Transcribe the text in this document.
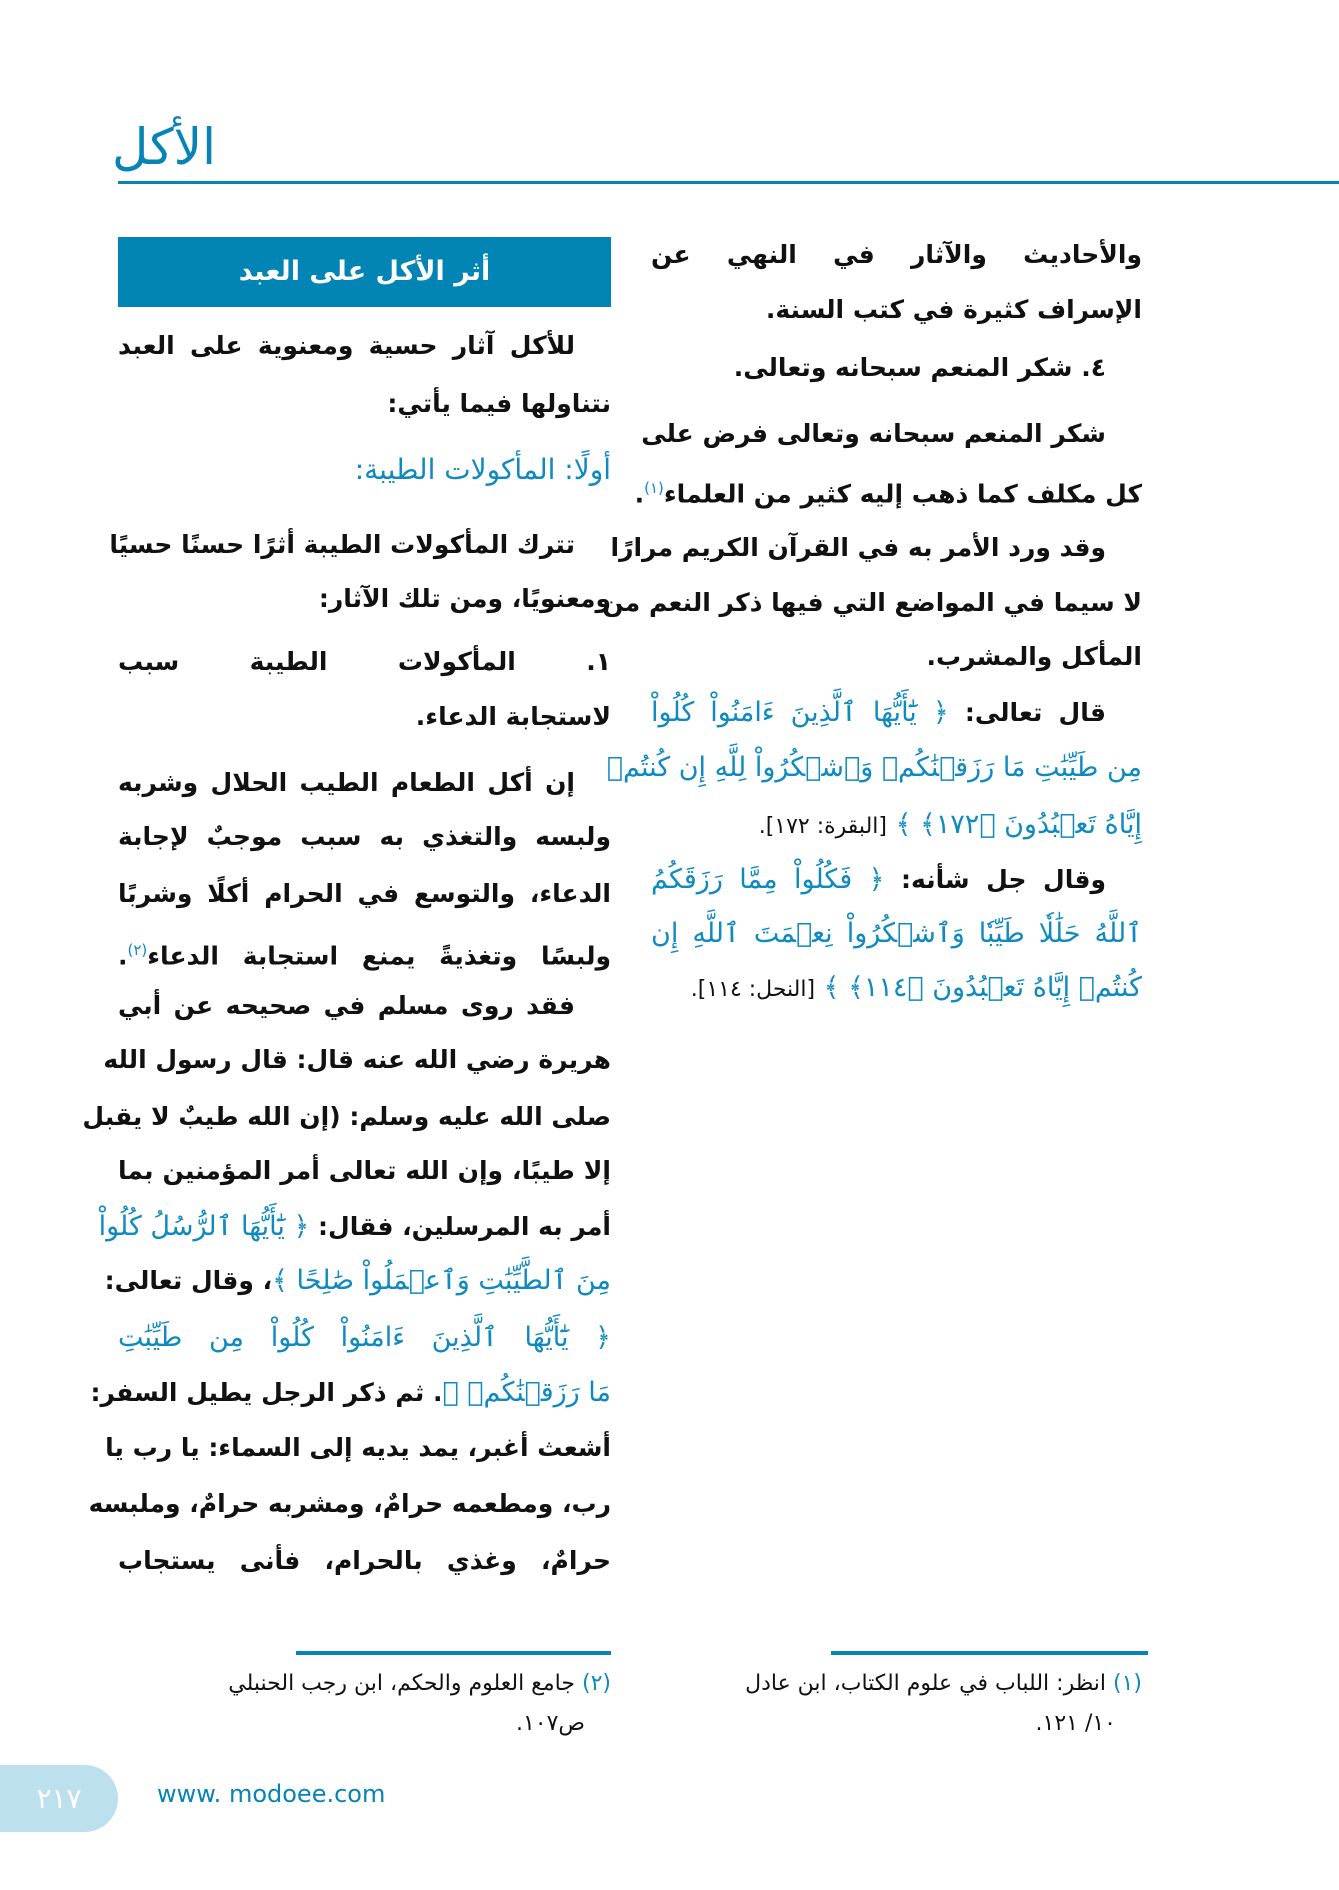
الأكل
والأحاديث والآثار في النهي عن
الإسراف كثيرة في كتب السنة.
٤. شكر المنعم سبحانه وتعالى.
شكر المنعم سبحانه وتعالى فرض على
كل مكلف كما ذهب إليه كثير من العلماء$^{(١)}$.
وقد ورد الأمر به في القرآن الكريم مرارًا
لا سيما في المواضع التي فيها ذكر النعم من
المأكل والمشرب.
قال تعالى: ﴿ يَٰٓأَيُّهَا ٱلَّذِينَ ءَامَنُواْ كُلُواْ
مِن طَيِّبَٰتِ مَا رَزَقۡنَٰكُمۡ وَٱشۡكُرُواْ لِلَّهِ إِن كُنتُمۡ
إِيَّاهُ تَعۡبُدُونَ ﴿١٧٢﴾ ﴾ [البقرة: ١٧٢].
وقال جل شأنه: ﴿ فَكُلُواْ مِمَّا رَزَقَكُمُ
ٱللَّهُ حَلَٰلٗا طَيِّبٗا وَٱشۡكُرُواْ نِعۡمَتَ ٱللَّهِ إِن
كُنتُمۡ إِيَّاهُ تَعۡبُدُونَ ﴿١١٤﴾ ﴾ [النحل: ١١٤].
أثر الأكل على العبد
للأكل آثار حسية ومعنوية على العبد
نتناولها فيما يأتي:
أولًا: المأكولات الطيبة:
تترك المأكولات الطيبة أثرًا حسنًا حسيًا
ومعنويًا، ومن تلك الآثار:
١. المأكولات الطيبة سبب
لاستجابة الدعاء.
إن أكل الطعام الطيب الحلال وشربه
ولبسه والتغذي به سبب موجبٌ لإجابة
الدعاء، والتوسع في الحرام أكلًا وشربًا
ولبسًا وتغذيةً يمنع استجابة الدعاء$^{(٢)}$.
فقد روى مسلم في صحيحه عن أبي
هريرة رضي الله عنه قال: قال رسول الله
صلى الله عليه وسلم: (إن الله طيبٌ لا يقبل
إلا طيبًا، وإن الله تعالى أمر المؤمنين بما
أمر به المرسلين، فقال: ﴿ يَٰٓأَيُّهَا ٱلرُّسُلُ كُلُواْ
مِنَ ٱلطَّيِّبَٰتِ وَٱعۡمَلُواْ صَٰلِحًا ﴾، وقال تعالى:
﴿ يَٰٓأَيُّهَا ٱلَّذِينَ ءَامَنُواْ كُلُواْ مِن طَيِّبَٰتِ
مَا رَزَقۡنَٰكُمۡ ﴾. ثم ذكر الرجل يطيل السفر:
أشعث أغبر، يمد يديه إلى السماء: يا رب يا
رب، ومطعمه حرامٌ، ومشربه حرامٌ، وملبسه
حرامٌ، وغذي بالحرام، فأنى يستجاب
(١) انظر: اللباب في علوم الكتاب، ابن عادل
١٠/ ١٢١.
(٢) جامع العلوم والحكم، ابن رجب الحنبلي
ص١٠٧.
٢١٧	www. modoee.com
